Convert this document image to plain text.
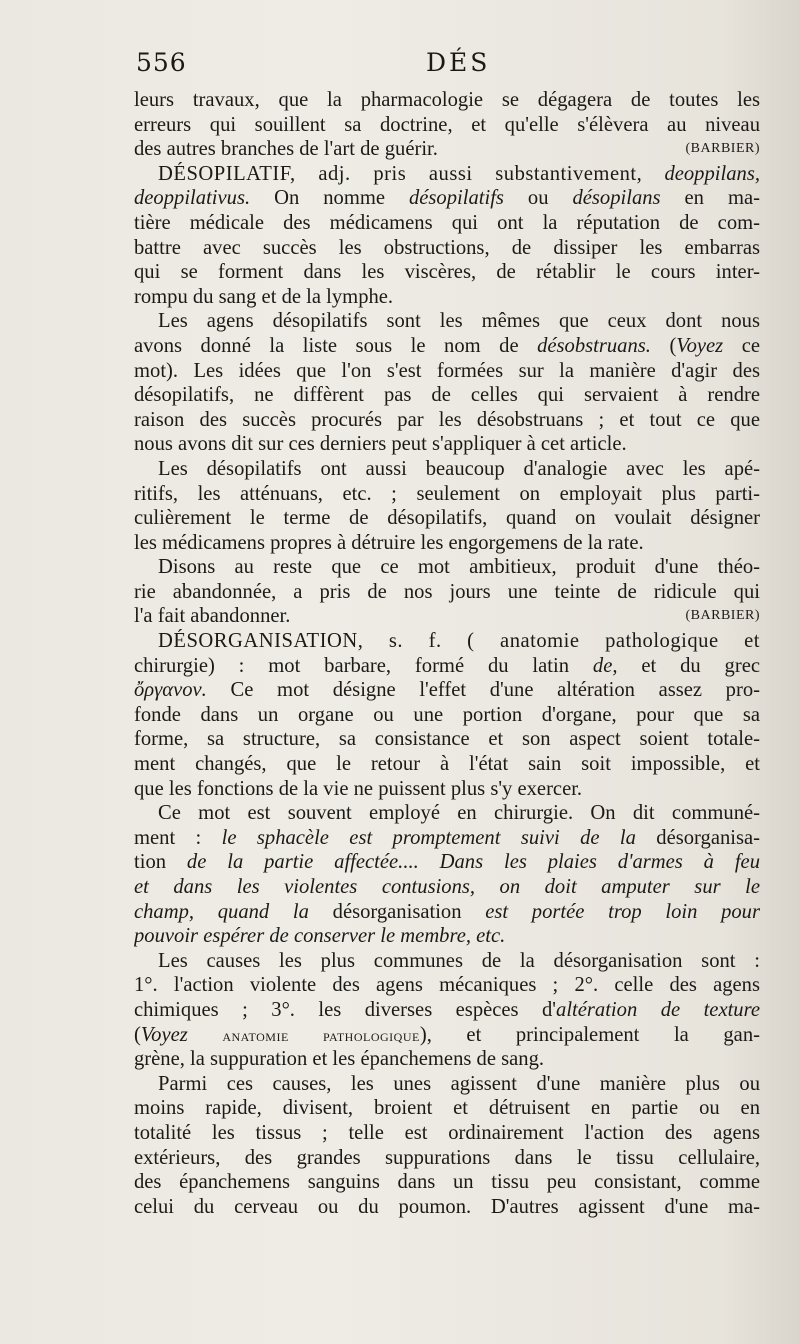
556	DÉS
leurs travaux, que la pharmacologie se dégagera de toutes les
erreurs qui souillent sa doctrine, et qu'elle s'élèvera au niveau
des autres branches de l'art de guérir.	(BARBIER)
DÉSOPILATIF, adj. pris aussi substantivement, deoppilans,
deoppilativus. On nomme désopilatifs ou désopilans en ma-
tière médicale des médicamens qui ont la réputation de com-
battre avec succès les obstructions, de dissiper les embarras
qui se forment dans les viscères, de rétablir le cours inter-
rompu du sang et de la lymphe.
Les agens désopilatifs sont les mêmes que ceux dont nous
avons donné la liste sous le nom de désobstruans. (Voyez ce
mot). Les idées que l'on s'est formées sur la manière d'agir des
désopilatifs, ne diffèrent pas de celles qui servaient à rendre
raison des succès procurés par les désobstruans ; et tout ce que
nous avons dit sur ces derniers peut s'appliquer à cet article.
Les désopilatifs ont aussi beaucoup d'analogie avec les apé-
ritifs, les atténuans, etc. ; seulement on employait plus parti-
culièrement le terme de désopilatifs, quand on voulait désigner
les médicamens propres à détruire les engorgemens de la rate.
Disons au reste que ce mot ambitieux, produit d'une théo-
rie abandonnée, a pris de nos jours une teinte de ridicule qui
l'a fait abandonner.	(BARBIER)
DÉSORGANISATION, s. f. ( anatomie pathologique et
chirurgie) : mot barbare, formé du latin de, et du grec
ὄργανον. Ce mot désigne l'effet d'une altération assez pro-
fonde dans un organe ou une portion d'organe, pour que sa
forme, sa structure, sa consistance et son aspect soient totale-
ment changés, que le retour à l'état sain soit impossible, et
que les fonctions de la vie ne puissent plus s'y exercer.
Ce mot est souvent employé en chirurgie. On dit communé-
ment : le sphacèle est promptement suivi de la désorganisa-
tion de la partie affectée.... Dans les plaies d'armes à feu
et dans les violentes contusions, on doit amputer sur le
champ, quand la désorganisation est portée trop loin pour
pouvoir espérer de conserver le membre, etc.
Les causes les plus communes de la désorganisation sont :
1°. l'action violente des agens mécaniques ; 2°. celle des agens
chimiques ; 3°. les diverses espèces d'altération de texture
(Voyez anatomie pathologique), et principalement la gan-
grène, la suppuration et les épanchemens de sang.
Parmi ces causes, les unes agissent d'une manière plus ou
moins rapide, divisent, broient et détruisent en partie ou en
totalité les tissus ; telle est ordinairement l'action des agens
extérieurs, des grandes suppurations dans le tissu cellulaire,
des épanchemens sanguins dans un tissu peu consistant, comme
celui du cerveau ou du poumon. D'autres agissent d'une ma-
